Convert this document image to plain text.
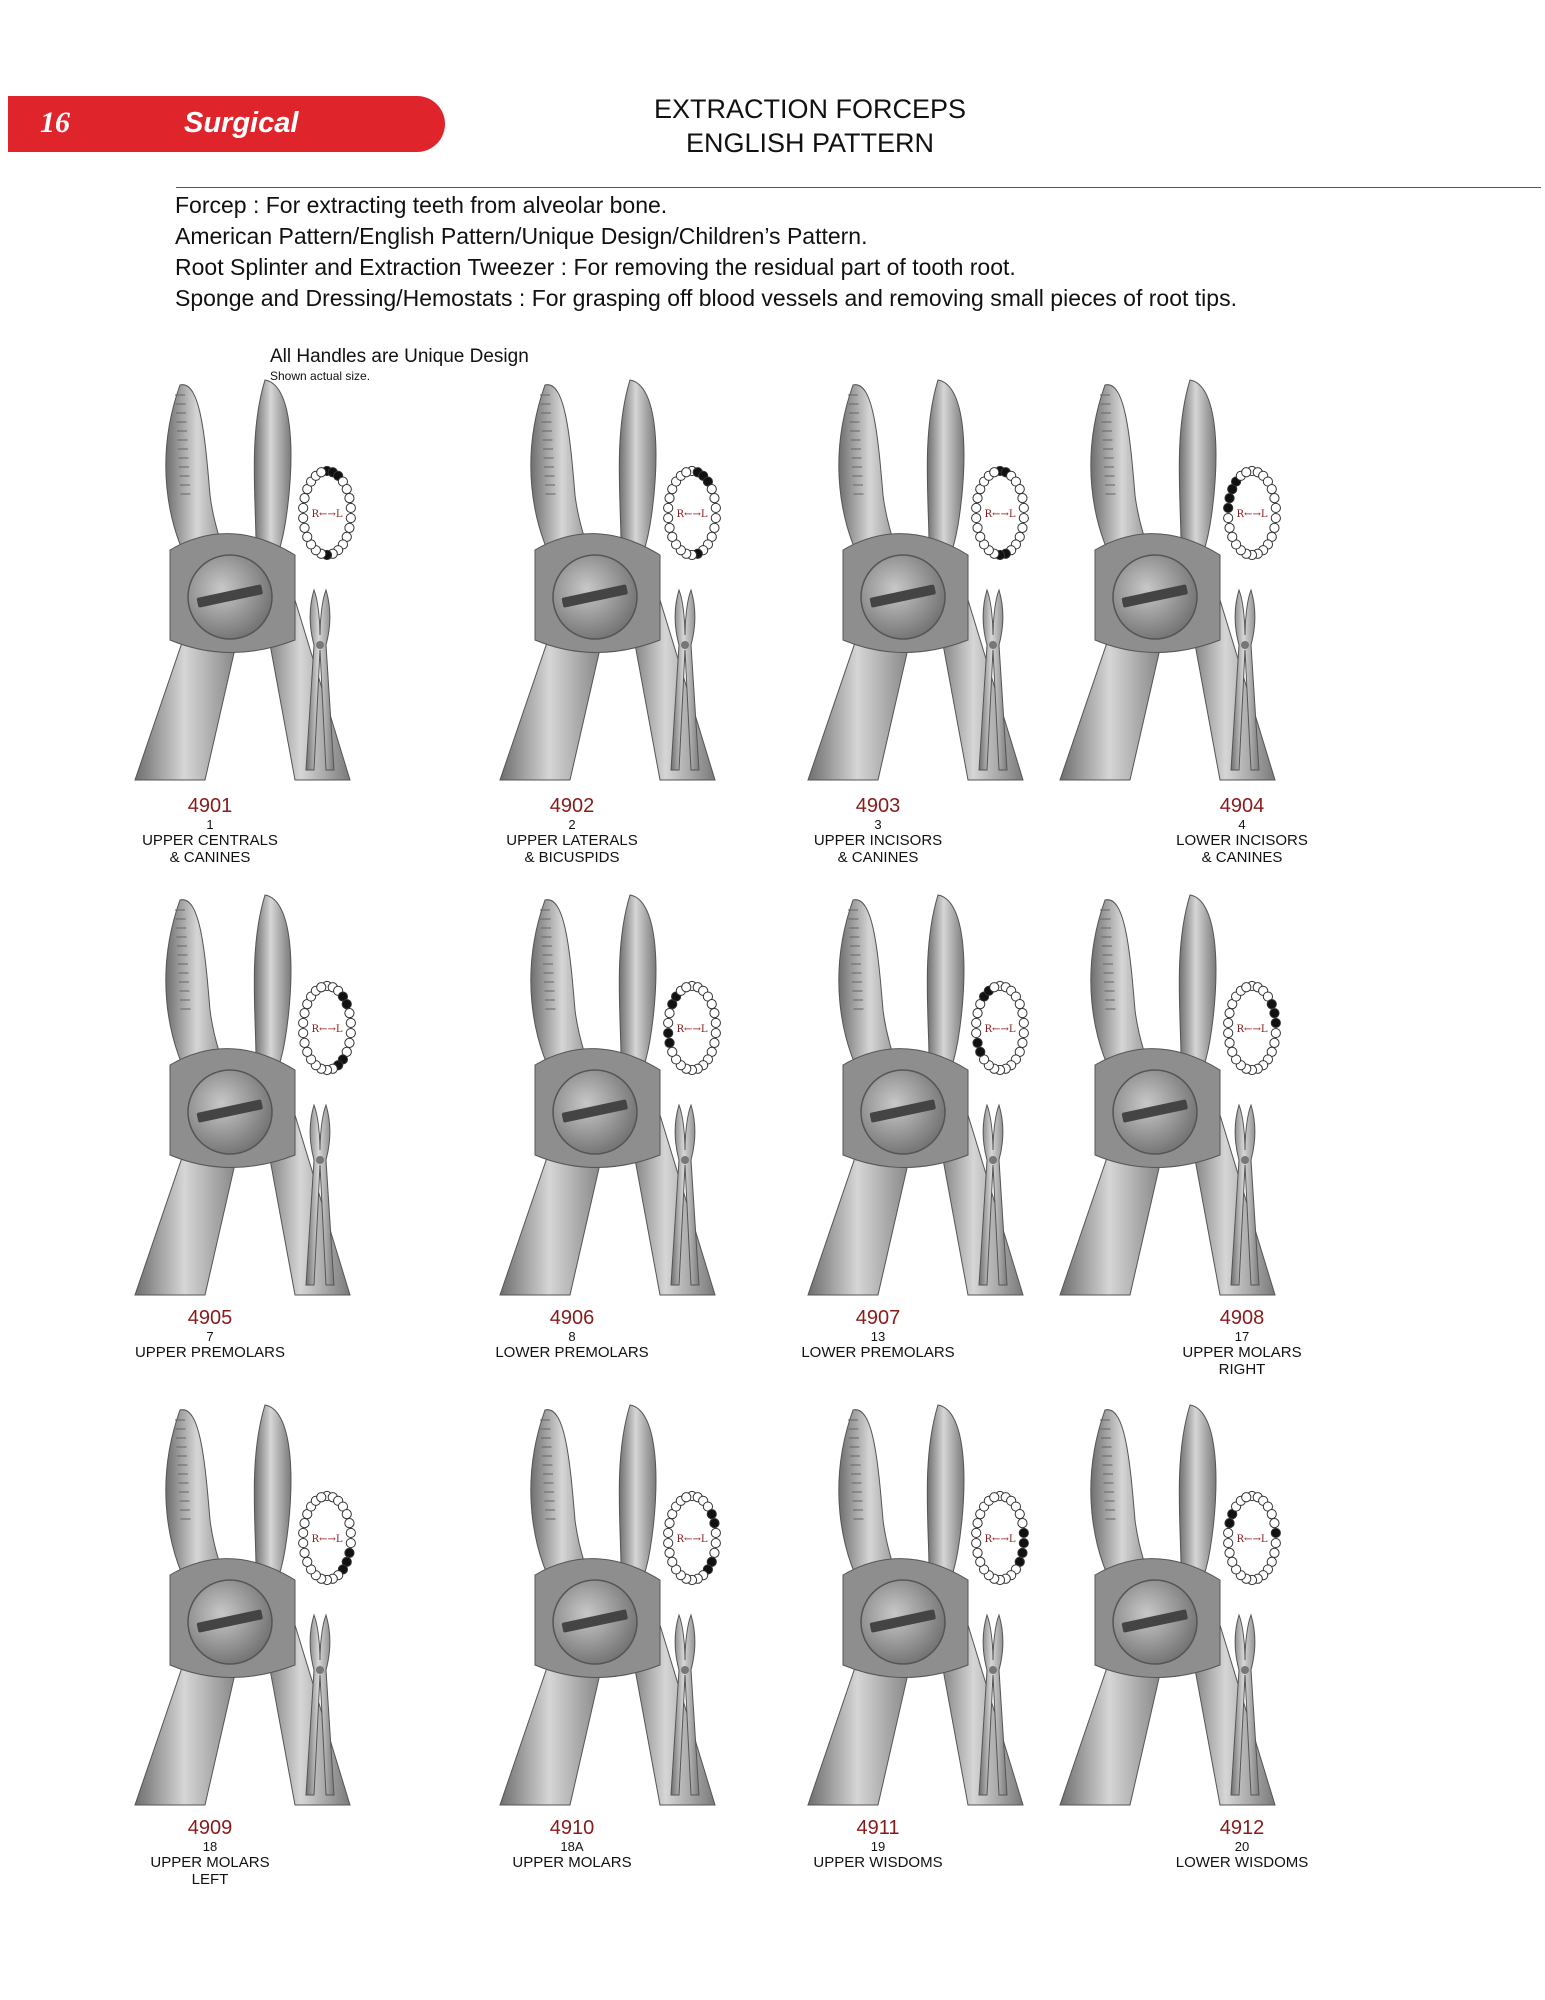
16	Surgical	EXTRACTION FORCEPS
ENGLISH PATTERN
Forcep : For extracting teeth from alveolar bone.
American Pattern/English Pattern/Unique Design/Children’s Pattern.
Root Splinter and Extraction Tweezer : For removing the residual part of tooth root.
Sponge and Dressing/Hemostats : For grasping off blood vessels and removing small pieces of root tips.
All Handles are Unique Design
Shown actual size.
R←→L
4901
1
UPPER CENTRALS
& CANINES
R←→L
4902
2
UPPER LATERALS
& BICUSPIDS
R←→L
4903
3
UPPER INCISORS
& CANINES
R←→L
4904
4
LOWER INCISORS
& CANINES
R←→L
4905
7
UPPER PREMOLARS
R←→L
4906
8
LOWER PREMOLARS
R←→L
4907
13
LOWER PREMOLARS
R←→L
4908
17
UPPER MOLARS
RIGHT
R←→L
4909
18
UPPER MOLARS
LEFT
R←→L
4910
18A
UPPER MOLARS
R←→L
4911
19
UPPER WISDOMS
R←→L
4912
20
LOWER WISDOMS
